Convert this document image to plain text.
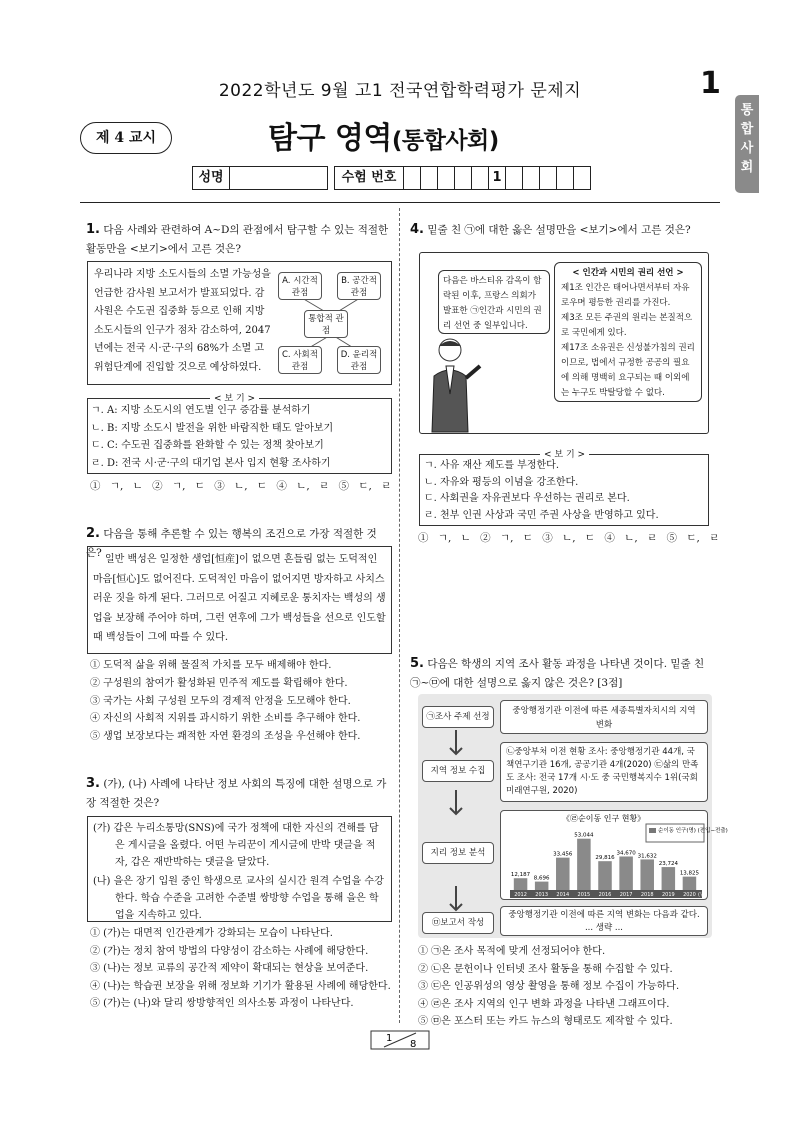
2022학년도 9월 고1 전국연합학력평가 문제지	1
통
합
사
회
제 4 교시	탐구 영역(통합사회)
성명	수험 번호	1
1. 다음 사례와 관련하여 A~D의 관점에서 탐구할 수 있는 적절한 활동만을 <보기>에서 고른 것은?
우리나라 지방 소도시들의 소멸 가능성을 언급한 감사원 보고서가 발표되었다. 감사원은 수도권 집중화 등으로 인해 지방 소도시들의 인구가 점차 감소하여, 2047년에는 전국 시·군·구의 68%가 소멸 고위험단계에 진입할 것으로 예상하였다.
A. 시간적 관점
B. 공간적 관점
통합적 관점
C. 사회적 관점
D. 윤리적 관점
< 보 기 >
ㄱ. A: 지방 소도시의 연도별 인구 증감률 분석하기
ㄴ. B: 지방 소도시 발전을 위한 바람직한 태도 알아보기
ㄷ. C: 수도권 집중화를 완화할 수 있는 정책 찾아보기
ㄹ. D: 전국 시·군·구의 대기업 본사 입지 현황 조사하기
① ㄱ, ㄴ ② ㄱ, ㄷ ③ ㄴ, ㄷ ④ ㄴ, ㄹ ⑤ ㄷ, ㄹ
2. 다음을 통해 추론할 수 있는 행복의 조건으로 가장 적절한 것은?
일반 백성은 일정한 생업[恒産]이 없으면 흔들림 없는 도덕적인 마음[恒心]도 없어진다. 도덕적인 마음이 없어지면 방자하고 사치스러운 짓을 하게 된다. 그러므로 어질고 지혜로운 통치자는 백성의 생업을 보장해 주어야 하며, 그런 연후에 그가 백성들을 선으로 인도할 때 백성들이 그에 따를 수 있다.
① 도덕적 삶을 위해 물질적 가치를 모두 배제해야 한다.
② 구성원의 참여가 활성화된 민주적 제도를 확립해야 한다.
③ 국가는 사회 구성원 모두의 경제적 안정을 도모해야 한다.
④ 자신의 사회적 지위를 과시하기 위한 소비를 추구해야 한다.
⑤ 생업 보장보다는 쾌적한 자연 환경의 조성을 우선해야 한다.
3. (가), (나) 사례에 나타난 정보 사회의 특징에 대한 설명으로 가장 적절한 것은?
(가) 갑은 누리소통망(SNS)에 국가 정책에 대한 자신의 견해를 담은 게시글을 올렸다. 어떤 누리꾼이 게시글에 반박 댓글을 적자, 갑은 재반박하는 댓글을 달았다.
(나) 을은 장기 입원 중인 학생으로 교사의 실시간 원격 수업을 수강한다. 학습 수준을 고려한 수준별 쌍방향 수업을 통해 을은 학업을 지속하고 있다.
① (가)는 대면적 인간관계가 강화되는 모습이 나타난다.
② (가)는 정치 참여 방법의 다양성이 감소하는 사례에 해당한다.
③ (나)는 정보 교류의 공간적 제약이 확대되는 현상을 보여준다.
④ (나)는 학습권 보장을 위해 정보화 기기가 활용된 사례에 해당한다.
⑤ (가)는 (나)와 달리 쌍방향적인 의사소통 과정이 나타난다.
4. 밑줄 친 ㉠에 대한 옳은 설명만을 <보기>에서 고른 것은?
다음은 바스티유 감옥이 함락된 이후, 프랑스 의회가 발표한 ㉠인간과 시민의 권리 선언 중 일부입니다.
< 인간과 시민의 권리 선언 >
제1조 인간은 태어나면서부터 자유로우며 평등한 권리를 가진다.
제3조 모든 주권의 원리는 본질적으로 국민에게 있다.
제17조 소유권은 신성불가침의 권리이므로, 법에서 규정한 공공의 필요에 의해 명백히 요구되는 때 이외에는 누구도 박탈당할 수 없다.
< 보 기 >
ㄱ. 사유 재산 제도를 부정한다.
ㄴ. 자유와 평등의 이념을 강조한다.
ㄷ. 사회권을 자유권보다 우선하는 권리로 본다.
ㄹ. 천부 인권 사상과 국민 주권 사상을 반영하고 있다.
① ㄱ, ㄴ ② ㄱ, ㄷ ③ ㄴ, ㄷ ④ ㄴ, ㄹ ⑤ ㄷ, ㄹ
5. 다음은 학생의 지역 조사 활동 과정을 나타낸 것이다. 밑줄 친 ㉠~㉤에 대한 설명으로 옳지 않은 것은? [3점]
㉠조사 주제 선정
중앙행정기관 이전에 따른 세종특별자치시의 지역 변화
지역 정보 수집
㉡중앙부처 이전 현황 조사: 중앙행정기관 44개, 국책연구기관 16개, 공공기관 4개(2020) ㉢삶의 만족도 조사: 전국 17개 시·도 중 국민행복지수 1위(국회미래연구원, 2020)
지리 정보 분석
《㉣순이동 인구 현황》
순이동 인구(명) (전입−전출)
12,187
2012
8,696
2013
33,456
2014
53,044
2015
29,816
2016
34,670
2017
31,632
2018
23,724
2019
13,825
2020 (년)
㉤보고서 작성
중앙행정기관 이전에 따른 지역 변화는 다음과 같다. ... 생략 ...
① ㉠은 조사 목적에 맞게 선정되어야 한다.
② ㉡은 문헌이나 인터넷 조사 활동을 통해 수집할 수 있다.
③ ㉢은 인공위성의 영상 촬영을 통해 정보 수집이 가능하다.
④ ㉣은 조사 지역의 인구 변화 과정을 나타낸 그래프이다.
⑤ ㉤은 포스터 또는 카드 뉴스의 형태로도 제작할 수 있다.
1
8
